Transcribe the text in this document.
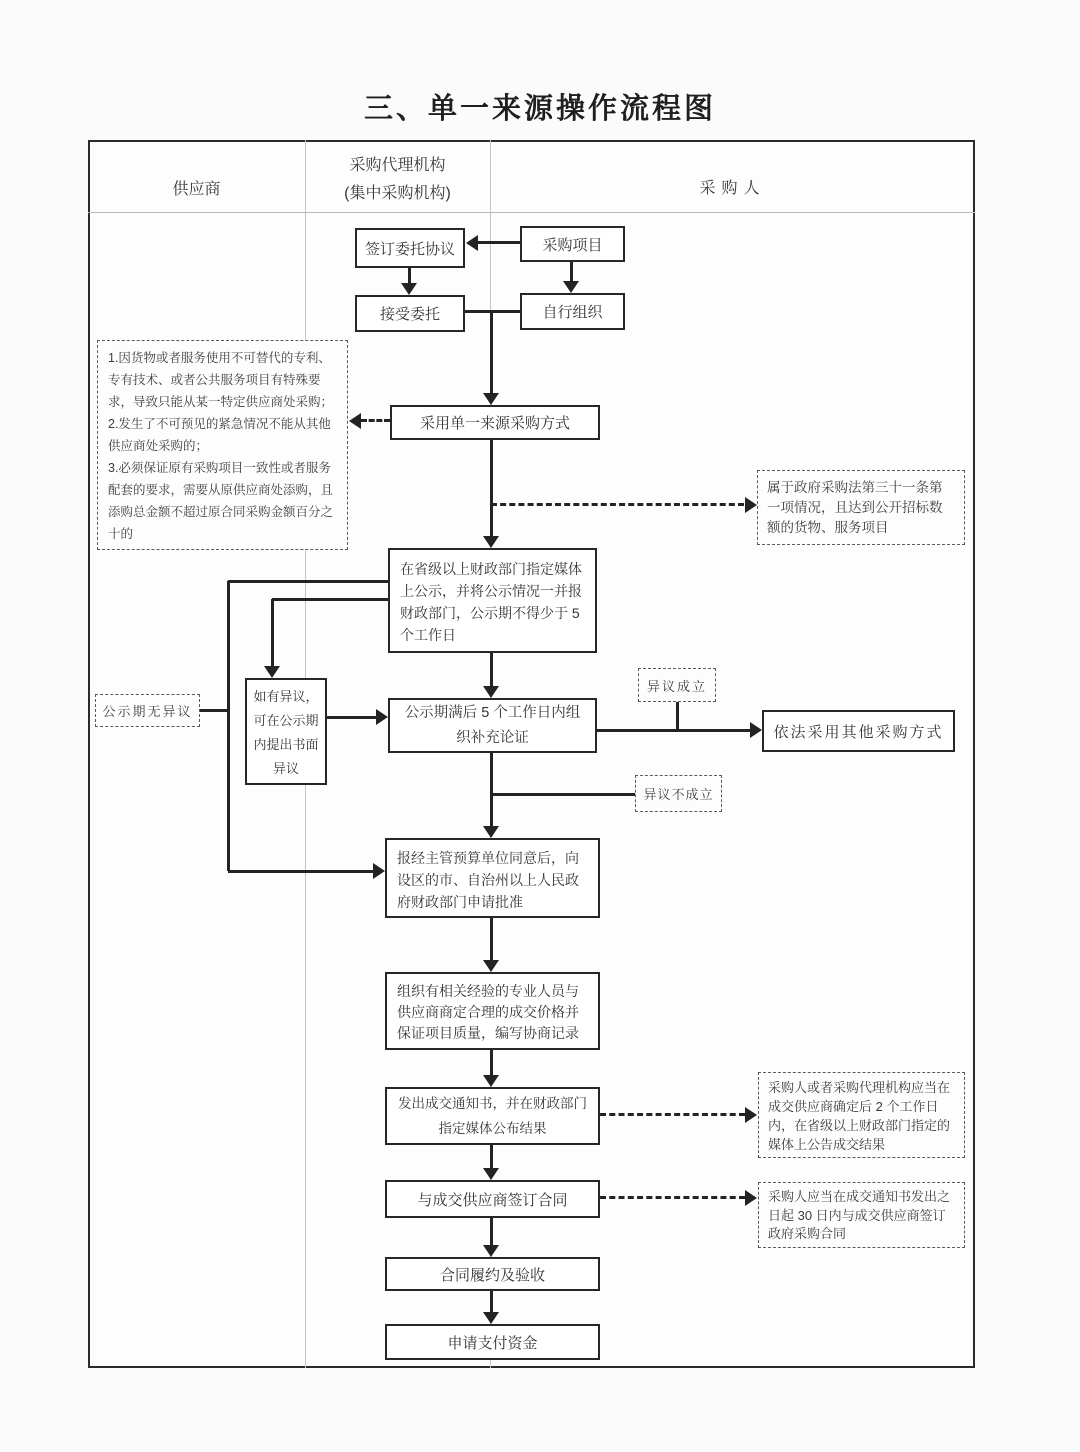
三、单一来源操作流程图
供应商
采购代理机构
(集中采购机构)	采购人
签订委托协议	采购项目
接受委托	自行组织
采用单一来源采购方式
在省级以上财政部门指定媒体上公示，并将公示情况一并报财政部门，公示期不得少于 5 个工作日
如有异议，可在公示期内提出书面异议
公示期满后 5 个工作日内组织补充论证	依法采用其他采购方式
报经主管预算单位同意后，向设区的市、自治州以上人民政府财政部门申请批准
组织有相关经验的专业人员与供应商商定合理的成交价格并保证项目质量，编写协商记录
发出成交通知书，并在财政部门指定媒体公布结果
与成交供应商签订合同
合同履约及验收
申请支付资金
1.因货物或者服务使用不可替代的专利、专有技术、或者公共服务项目有特殊要求，导致只能从某一特定供应商处采购；
2.发生了不可预见的紧急情况不能从其他供应商处采购的；
3.必须保证原有采购项目一致性或者服务配套的要求，需要从原供应商处添购，且添购总金额不超过原合同采购金额百分之十的
属于政府采购法第三十一条第一项情况，且达到公开招标数额的货物、服务项目
公示期无异议
异议成立
异议不成立
采购人或者采购代理机构应当在成交供应商确定后 2 个工作日内，在省级以上财政部门指定的媒体上公告成交结果
采购人应当在成交通知书发出之日起 30 日内与成交供应商签订政府采购合同
